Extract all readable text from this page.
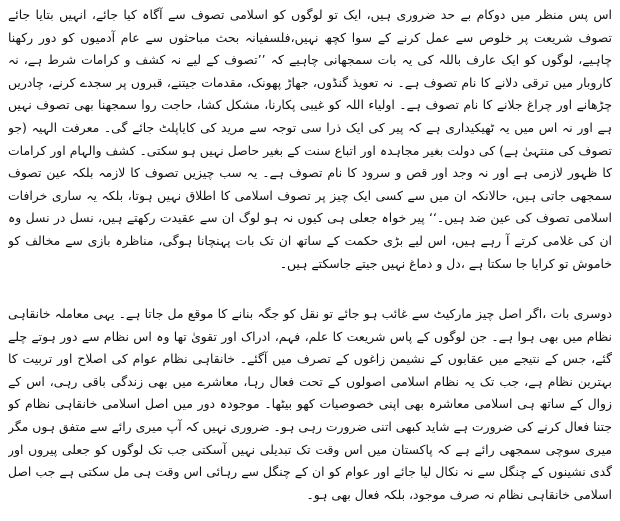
اس پس منظر میں دوکام بے حد ضروری ہیں، ایک تو لوگوں کو اسلامی تصوف سے آگاہ کیا جائے، انہیں بتایا جائے تصوف شریعت پر خلوص سے عمل کرنے کے سوا کچھ نہیں،فلسفیانہ بحث مباحثوں سے عام آدمیوں کو دور رکھنا چاہیے، لوگوں کو ایک عارف باللہ کی یہ بات سمجھانی چاہیے کہ ’’تصوف کے لیے نہ کشف و کرامات شرط ہے، نہ کاروبار میں ترقی دلانے کا نام تصوف ہے۔ نہ تعویذ گنڈوں، جھاڑ پھونک، مقدمات جیتنے، قبروں پر سجدے کرنے، چادریں چڑھانے اور چراغ جلانے کا نام تصوف ہے۔ اولیاء اللہ کو غیبی پکارنا، مشکل کشا، حاجت روا سمجھنا بھی تصوف نہیں ہے اور نہ اس میں یہ ٹھیکیداری ہے کہ پیر کی ایک ذرا سی توجہ سے مرید کی کایاپلٹ جائے گی۔ معرفت الہیہ (جو تصوف کی منتہیٰ ہے) کی دولت بغیر مجاہدہ اور اتباع سنت کے بغیر حاصل نہیں ہو سکتی۔ کشف والہام اور کرامات کا ظہور لازمی ہے اور نہ وجد اور قص و سرود کا نام تصوف ہے۔ یہ سب چیزیں تصوف کا لازمہ بلکہ عین تصوف سمجھی جاتی ہیں، حالانکہ ان میں سے کسی ایک چیز پر تصوف اسلامی کا اطلاق نہیں ہوتا، بلکہ یہ ساری خرافات اسلامی تصوف کی عین ضد ہیں۔‘‘ پیر خواہ جعلی ہی کیوں نہ ہو لوگ ان سے عقیدت رکھتے ہیں، نسل در نسل وہ ان کی غلامی کرتے آ رہے ہیں، اس لیے بڑی حکمت کے ساتھ ان تک بات پہنچانا ہوگی، مناظرہ بازی سے مخالف کو خاموش تو کرایا جا سکتا ہے ،دل و دماغ نہیں جیتے جاسکتے ہیں۔

دوسری بات ،اگر اصل چیز مارکیٹ سے غائب ہو جائے تو نقل کو جگہ بنانے کا موقع مل جاتا ہے۔ یہی معاملہ خانقاہی نظام میں بھی ہوا ہے۔ جن لوگوں کے پاس شریعت کا علم، فہم، ادراک اور تقویٰ تھا وہ اس نظام سے دور ہوتے چلے گئے، جس کے نتیجے میں عقابوں کے نشیمن زاغوں کے تصرف میں آگئے۔ خانقاہی نظام عوام کی اصلاح اور تربیت کا بہترین نظام ہے، جب تک یہ نظام اسلامی اصولوں کے تحت فعال رہا، معاشرے میں بھی زندگی باقی رہی، اس کے زوال کے ساتھ ہی اسلامی معاشرہ بھی اپنی خصوصیات کھو بیٹھا۔ موجودہ دور میں اصل اسلامی خانقاہی نظام کو جتنا فعال کرنے کی ضرورت ہے شاید کبھی اتنی ضرورت رہی ہو۔ ضروری نہیں کہ آپ میری رائے سے متفق ہوں مگر میری سوچی سمجھی رائے ہے کہ پاکستان میں اس وقت تک تبدیلی نہیں آسکتی جب تک لوگوں کو جعلی پیروں اور گدی نشینوں کے چنگل سے نہ نکال لیا جائے اور عوام کو ان کے چنگل سے رہائی اس وقت ہی مل سکتی ہے جب اصل اسلامی خانقاہی نظام نہ صرف موجود، بلکہ فعال بھی ہو۔
